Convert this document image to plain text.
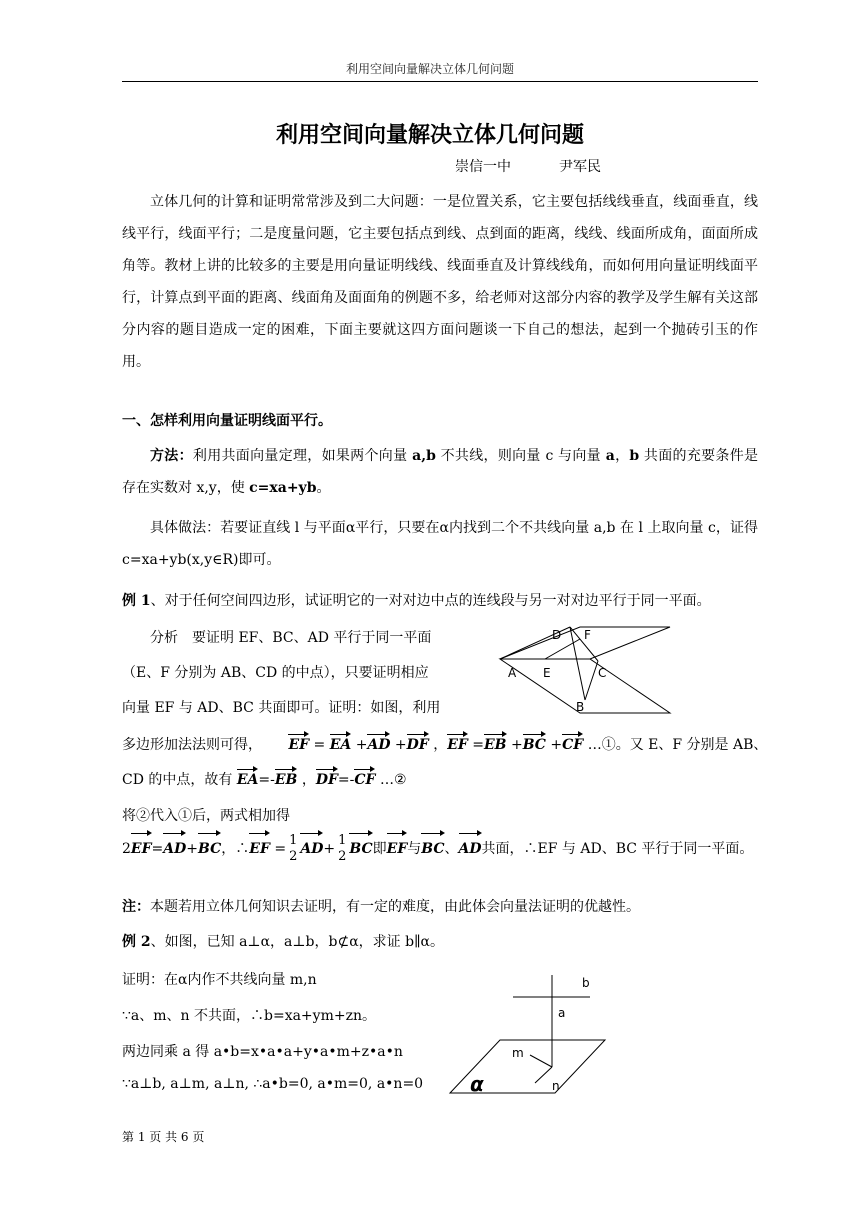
利用空间向量解决立体几何问题
利用空间向量解决立体几何问题
崇信一中	尹军民
立体几何的计算和证明常常涉及到二大问题：一是位置关系，它主要包括线线垂直，线面垂直，线线平行，线面平行；二是度量问题，它主要包括点到线、点到面的距离，线线、线面所成角，面面所成角等。教材上讲的比较多的主要是用向量证明线线、线面垂直及计算线线角，而如何用向量证明线面平行，计算点到平面的距离、线面角及面面角的例题不多，给老师对这部分内容的教学及学生解有关这部分内容的题目造成一定的困难，下面主要就这四方面问题谈一下自己的想法，起到一个抛砖引玉的作用。
一、怎样利用向量证明线面平行。
方法：利用共面向量定理，如果两个向量 a,b 不共线，则向量 c 与向量 a，b 共面的充要条件是存在实数对 x,y，使 c=xa+yb。
具体做法：若要证直线 l 与平面α平行，只要在α内找到二个不共线向量 a,b 在 l 上取向量 c，证得 c=xa+yb(x,y∈R)即可。
例 1、对于任何空间四边形，试证明它的一对对边中点的连线段与另一对对边平行于同一平面。
分析　要证明 EF、BC、AD 平行于同一平面
（E、F 分别为 AB、CD 的中点），只要证明相应
向量 EF 与 AD、BC 共面即可。证明：如图，利用
A
B
C
D
E
F
多边形加法法则可得， EF = EA +AD +DF ，EF =EB +BC +CF …①。又 E、F 分别是 AB、
CD 的中点，故有 EA=-EB ，DF=-CF …②
将②代入①后，两式相加得
2EF=AD+BC，∴EF =
1
2 AD+
1
2 BC即EF与BC、AD共面，∴EF 与 AD、BC 平行于同一平面。
注：本题若用立体几何知识去证明，有一定的难度，由此体会向量法证明的优越性。
例 2、如图，已知 a⊥α，a⊥b，b⊄α，求证 b∥α。
证明：在α内作不共线向量 m,n
∵a、m、n 不共面，∴b=xa+ym+zn。
两边同乘 a 得 a•b=x•a•a+y•a•m+z•a•n
∵a⊥b, a⊥m, a⊥n, ∴a•b=0, a•m=0, a•n=0
b
a
m
n
α
第 1 页 共 6 页
